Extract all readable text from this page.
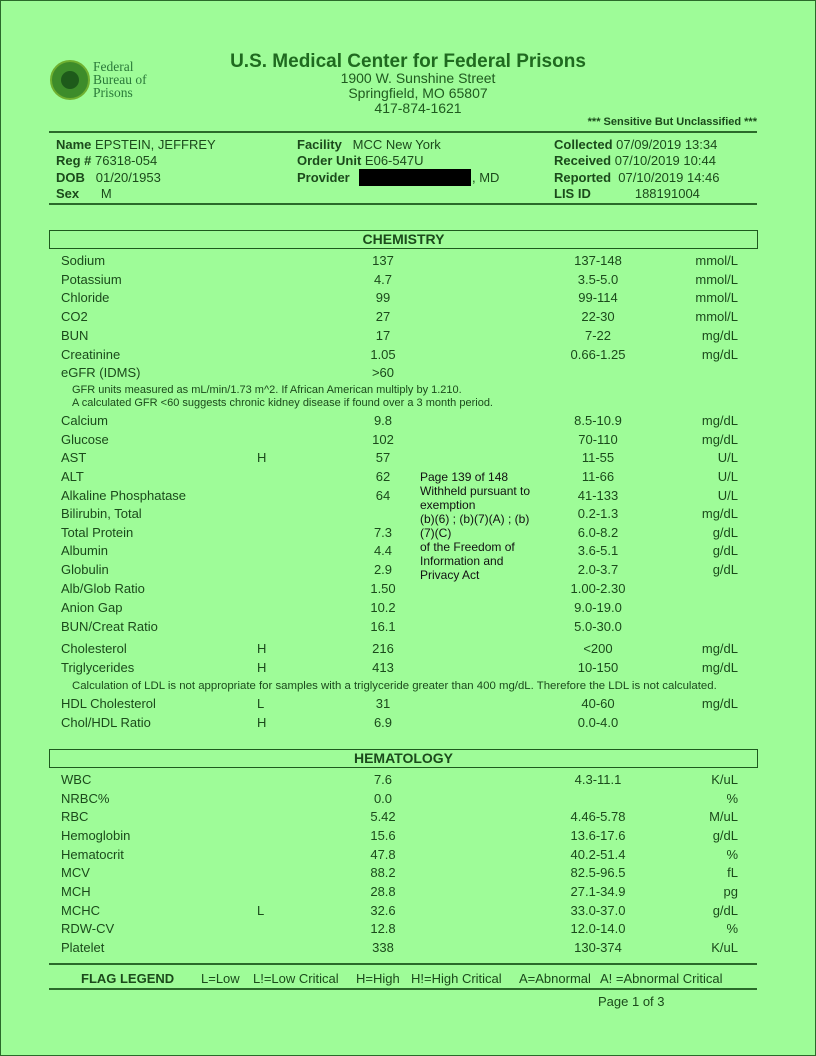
Federal
Bureau of
Prisons
U.S. Medical Center for Federal Prisons
1900 W. Sunshine Street
Springfield, MO 65807
417-874-1621
*** Sensitive But Unclassified ***
Name EPSTEIN, JEFFREY
Reg # 76318-054
DOB 01/20/1953
Sex M
Facility MCC New York
Order Unit E06-547U
Provider	, MD
Collected 07/09/2019 13:34
Received 07/10/2019 10:44
Reported 07/10/2019 14:46
LIS ID	188191004
CHEMISTRY
Sodium	137	137-148	mmol/L
Potassium	4.7	3.5-5.0	mmol/L
Chloride	99	99-114	mmol/L
CO2	27	22-30	mmol/L
BUN	17	7-22	mg/dL
Creatinine	1.05	0.66-1.25	mg/dL
eGFR (IDMS)	>60
Calcium	9.8	8.5-10.9	mg/dL
Glucose	102	70-110	mg/dL
AST	H	57	11-55	U/L
ALT	62	11-66	U/L
Alkaline Phosphatase	64	41-133	U/L
Bilirubin, Total	0.2-1.3	mg/dL
Total Protein	7.3	6.0-8.2	g/dL
Albumin	4.4	3.6-5.1	g/dL
Globulin	2.9	2.0-3.7	g/dL
Alb/Glob Ratio	1.50	1.00-2.30
Anion Gap	10.2	9.0-19.0
BUN/Creat Ratio	16.1	5.0-30.0
Cholesterol	H	216	<200	mg/dL
Triglycerides	H	413	10-150	mg/dL
HDL Cholesterol	L	31	40-60	mg/dL
Chol/HDL Ratio	H	6.9	0.0-4.0
GFR units measured as mL/min/1.73 m^2. If African American multiply by 1.210.
A calculated GFR <60 suggests chronic kidney disease if found over a 3 month period.
Calculation of LDL is not appropriate for samples with a triglyceride greater than 400 mg/dL. Therefore the LDL is not calculated.
HEMATOLOGY
WBC	7.6	4.3-11.1	K/uL
NRBC%	0.0	%
RBC	5.42	4.46-5.78	M/uL
Hemoglobin	15.6	13.6-17.6	g/dL
Hematocrit	47.8	40.2-51.4	%
MCV	88.2	82.5-96.5	fL
MCH	28.8	27.1-34.9	pg
MCHC	L	32.6	33.0-37.0	g/dL
RDW-CV	12.8	12.0-14.0	%
Platelet	338	130-374	K/uL
Page 139 of 148
Withheld pursuant to exemption
(b)(6) ; (b)(7)(A) ; (b)(7)(C)
of the Freedom of Information and Privacy Act
FLAG LEGEND L=Low L!=Low Critical H=High H!=High Critical A=Abnormal A! =Abnormal Critical
Page 1 of 3
